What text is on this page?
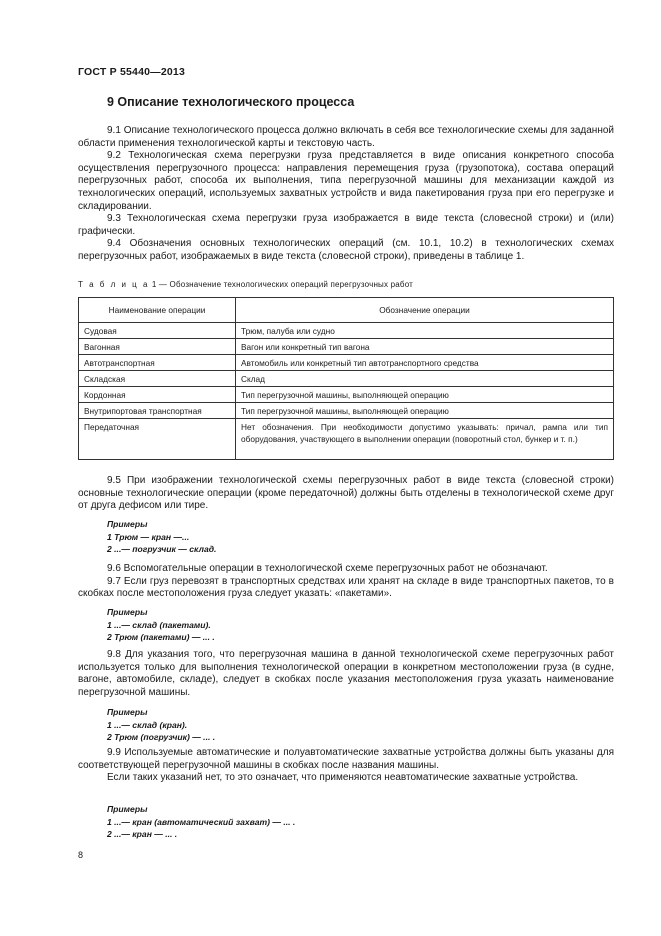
ГОСТ Р 55440—2013
9 Описание технологического процесса

9.1 Описание технологического процесса должно включать в себя все технологические схемы для заданной области применения технологической карты и текстовую часть.

9.2 Технологическая схема перегрузки груза представляется в виде описания конкретного способа осуществления перегрузочного процесса: направления перемещения груза (грузопотока), состава операций перегрузочных работ, способа их выполнения, типа перегрузочной машины для механизации каждой из технологических операций, используемых захватных устройств и вида пакетирования груза при его перегрузке и складировании.

9.3 Технологическая схема перегрузки груза изображается в виде текста (словесной строки) и (или) графически.

9.4 Обозначения основных технологических операций (см. 10.1, 10.2) в технологических схемах перегрузочных работ, изображаемых в виде текста (словесной строки), приведены в таблице 1.

Т а б л и ц а 1 — Обозначение технологических операций перегрузочных работ
Наименование операции	Обозначение операции
Судовая	Трюм, палуба или судно
Вагонная	Вагон или конкретный тип вагона
Автотранспортная	Автомобиль или конкретный тип автотранспортного средства
Складская	Склад
Кордонная	Тип перегрузочной машины, выполняющей операцию
Внутрипортовая транспортная	Тип перегрузочной машины, выполняющей операцию
Передаточная	Нет обозначения. При необходимости допустимо указывать: причал, рампа или тип оборудования, участвующего в выполнении операции (поворотный стол, бункер и т. п.)

9.5 При изображении технологической схемы перегрузочных работ в виде текста (словесной строки) основные технологические операции (кроме передаточной) должны быть отделены в технологической схеме друг от друга дефисом или тире.

Примеры
1 Трюм — кран —...
2 ...— погрузчик — склад.

9.6 Вспомогательные операции в технологической схеме перегрузочных работ не обозначают.

9.7 Если груз перевозят в транспортных средствах или хранят на складе в виде транспортных пакетов, то в скобках после местоположения груза следует указать: «пакетами».

Примеры
1 ...— склад (пакетами).
2 Трюм (пакетами) — ... .

9.8 Для указания того, что перегрузочная машина в данной технологической схеме перегрузочных работ используется только для выполнения технологической операции в конкретном местоположении груза (в судне, вагоне, автомобиле, складе), следует в скобках после указания местоположения груза указать наименование перегрузочной машины.

Примеры
1 ...— склад (кран).
2 Трюм (погрузчик) — ... .

9.9 Используемые автоматические и полуавтоматические захватные устройства должны быть указаны для соответствующей перегрузочной машины в скобках после названия машины.

Если таких указаний нет, то это означает, что применяются неавтоматические захватные устройства.

Примеры
1 ...— кран (автоматический захват) — ... .
2 ...— кран — ... .
8
